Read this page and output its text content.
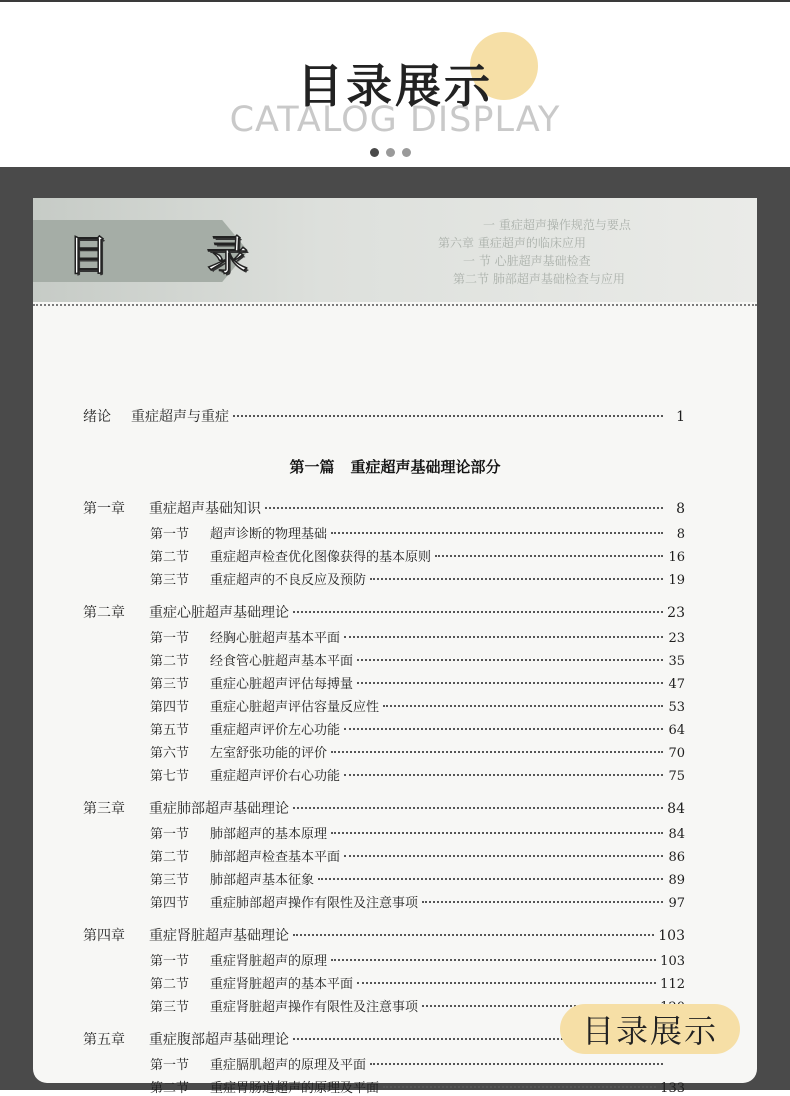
目录展示
CATALOG DISPLAY
一 重症超声操作规范与要点
第六章 重症超声的临床应用
一 节 心脏超声基础检查
第二节 肺部超声基础检查与应用
目 录
绪论	重症超声与重症	1
第一篇 重症超声基础理论部分
第一章	重症超声基础知识	8
第一节	超声诊断的物理基础	8
第二节	重症超声检查优化图像获得的基本原则	16
第三节	重症超声的不良反应及预防	19
第二章	重症心脏超声基础理论	23
第一节	经胸心脏超声基本平面	23
第二节	经食管心脏超声基本平面	35
第三节	重症心脏超声评估每搏量	47
第四节	重症心脏超声评估容量反应性	53
第五节	重症超声评价左心功能	64
第六节	左室舒张功能的评价	70
第七节	重症超声评价右心功能	75
第三章	重症肺部超声基础理论	84
第一节	肺部超声的基本原理	84
第二节	肺部超声检查基本平面	86
第三节	肺部超声基本征象	89
第四节	重症肺部超声操作有限性及注意事项	97
第四章	重症肾脏超声基础理论	103
第一节	重症肾脏超声的原理	103
第二节	重症肾脏超声的基本平面	112
第三节	重症肾脏超声操作有限性及注意事项
第五章	重症腹部超声基础理论
第一节	重症膈肌超声的原理及平面
第二节	重症胃肠道超声的原理及平面	133
目录展示
